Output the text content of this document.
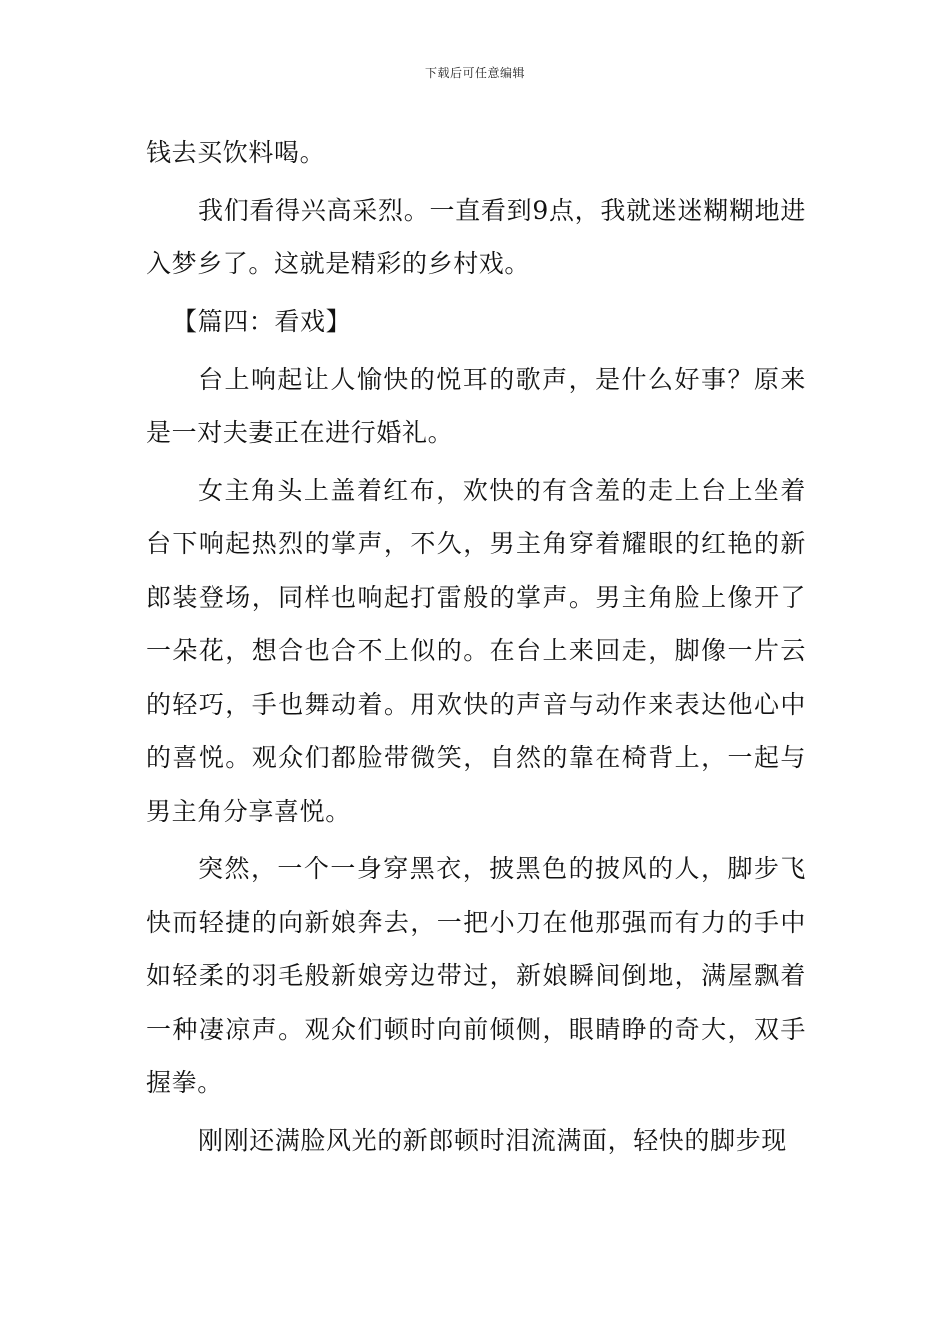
下载后可任意编辑

钱去买饮料喝。

我们看得兴高采烈。一直看到9点，我就迷迷糊糊地进入梦乡了。这就是精彩的乡村戏。

【篇四：看戏】

台上响起让人愉快的悦耳的歌声，是什么好事？原来是一对夫妻正在进行婚礼。

女主角头上盖着红布，欢快的有含羞的走上台上坐着台下响起热烈的掌声，不久，男主角穿着耀眼的红艳的新郎装登场，同样也响起打雷般的掌声。男主角脸上像开了一朵花，想合也合不上似的。在台上来回走，脚像一片云的轻巧，手也舞动着。用欢快的声音与动作来表达他心中的喜悦。观众们都脸带微笑，自然的靠在椅背上，一起与男主角分享喜悦。

突然，一个一身穿黑衣，披黑色的披风的人，脚步飞快而轻捷的向新娘奔去，一把小刀在他那强而有力的手中如轻柔的羽毛般新娘旁边带过，新娘瞬间倒地，满屋飘着一种凄凉声。观众们顿时向前倾侧，眼睛睁的奇大，双手握拳。

刚刚还满脸风光的新郎顿时泪流满面，轻快的脚步现
